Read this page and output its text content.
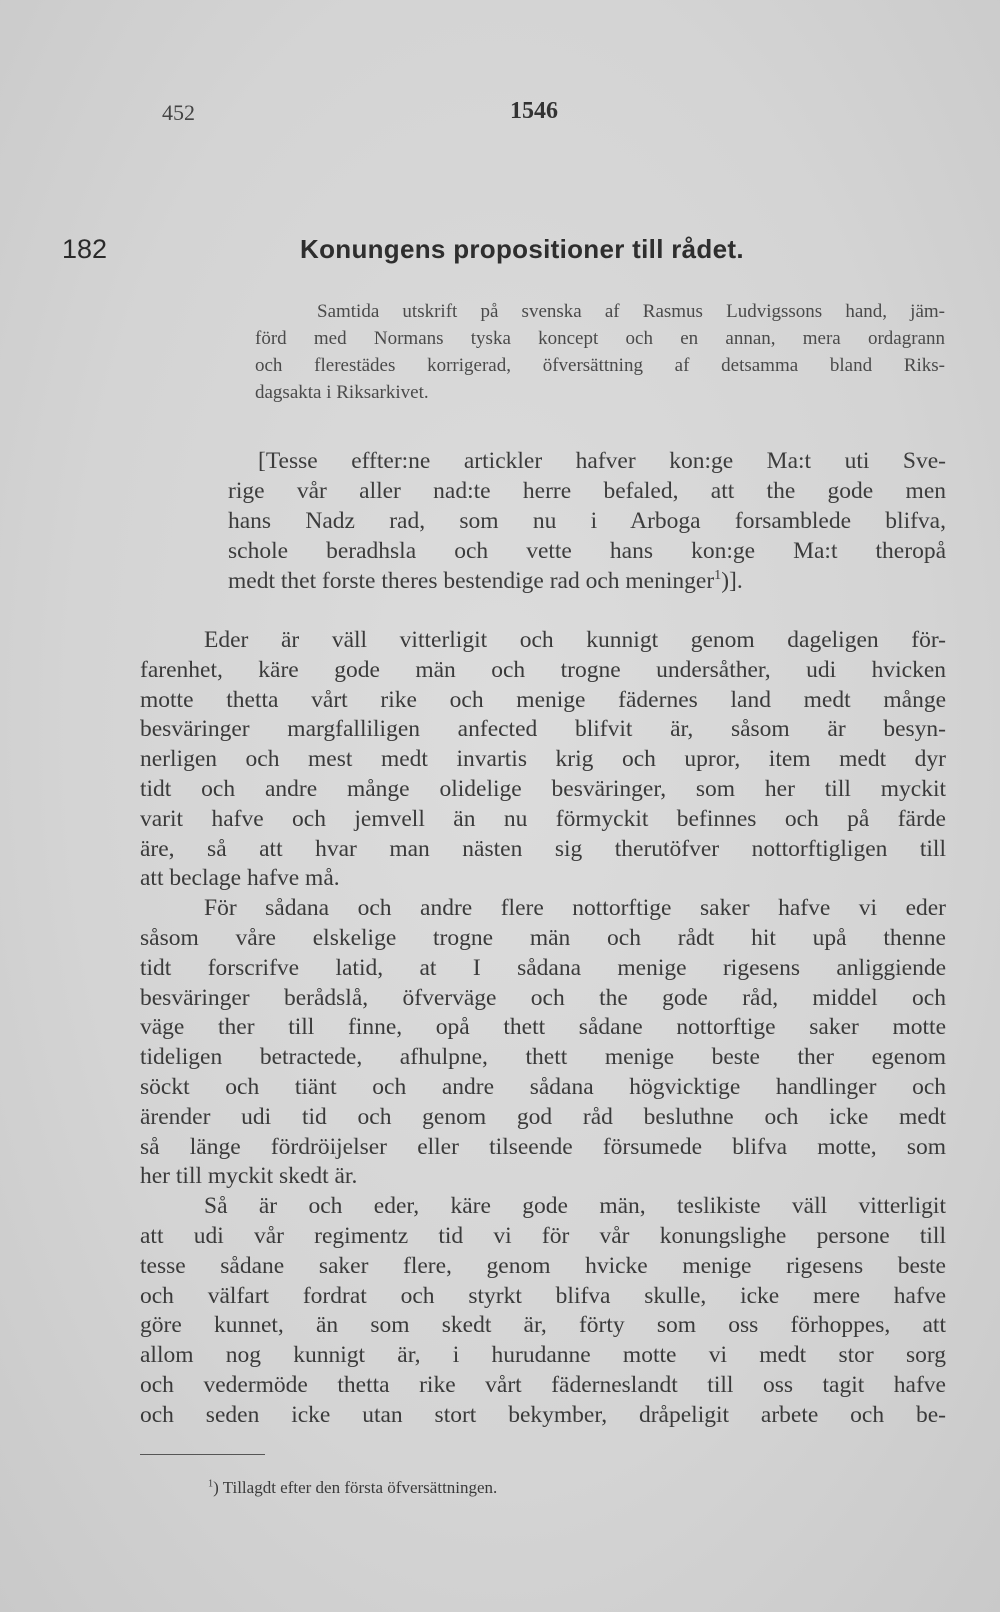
452	1546
182	Konungens propositioner till rådet.

Samtida utskrift på svenska af Rasmus Ludvigssons hand, jäm-
förd med Normans tyska koncept och en annan, mera ordagrann
och flerestädes korrigerad, öfversättning af detsamma bland Riks-
dagsakta i Riksarkivet.

[Tesse effter:ne artickler hafver kon:ge Ma:t uti Sve-
rige vår aller nad:te herre befaled, att the gode men
hans Nadz rad, som nu i Arboga forsamblede blifva,
schole beradhsla och vette hans kon:ge Ma:t theropå
medt thet forste theres bestendige rad och meninger$^1$)].

Eder är väll vitterligit och kunnigt genom dageligen för-
farenhet, käre gode män och trogne undersåther, udi hvicken
motte thetta vårt rike och menige fädernes land medt månge
besväringer margfalliligen anfected blifvit är, såsom är besyn-
nerligen och mest medt invartis krig och upror, item medt dyr
tidt och andre månge olidelige besväringer, som her till myckit
varit hafve och jemvell än nu förmyckit befinnes och på färde
äre, så att hvar man nästen sig therutöfver nottorftigligen till
att beclage hafve må.
För sådana och andre flere nottorftige saker hafve vi eder
såsom våre elskelige trogne män och rådt hit upå thenne
tidt forscrifve latid, at I sådana menige rigesens anliggiende
besväringer berådslå, öfverväge och the gode råd, middel och
väge ther till finne, opå thett sådane nottorftige saker motte
tideligen betractede, afhulpne, thett menige beste ther egenom
söckt och tiänt och andre sådana högvicktige handlinger och
ärender udi tid och genom god råd besluthne och icke medt
så länge fördröijelser eller tilseende försumede blifva motte, som
her till myckit skedt är.
Så är och eder, käre gode män, teslikiste väll vitterligit
att udi vår regimentz tid vi för vår konungslighe persone till
tesse sådane saker flere, genom hvicke menige rigesens beste
och välfart fordrat och styrkt blifva skulle, icke mere hafve
göre kunnet, än som skedt är, förty som oss förhoppes, att
allom nog kunnigt är, i hurudanne motte vi medt stor sorg
och vedermöde thetta rike vårt fäderneslandt till oss tagit hafve
och seden icke utan stort bekymber, dråpeligit arbete och be-
$^1$) Tillagdt efter den första öfversättningen.
